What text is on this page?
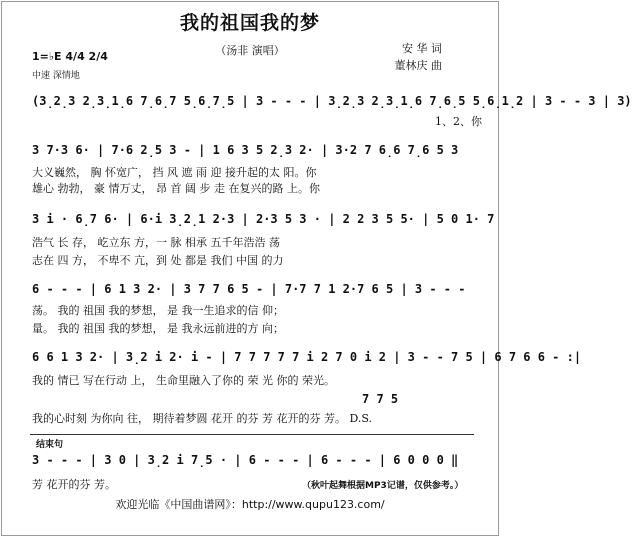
我的祖国我的梦
（汤非 演唱）	安 华 词
董林庆 曲
1=♭E 4/4 2/4
中速 深情地
(3̣2̣3 2̣3̣1̣6 7̣6̣7 5̣6̣7̣5 | 3 - - - | 3̣2̣3 2̣3̣1̣6 7̣6̣5 5̣6̣1̣2 | 3 - - 3 | 3)
1、2、你
3 7·3 6· | 7·6 2̣5 3 - | 1 6 3 5 2̣3 2· | 3·2 7 6̣6 7̣6 5 3
大义巍然， 胸 怀宽广， 挡 风 遮 雨 迎 接升起的太 阳。你
雄心 勃勃， 豪 情万丈， 昂 首 阔 步 走 在复兴的路 上。你
3 i · 6̣7 6· | 6·i 3̣2̣1 2·3 | 2·3 5 3 · | 2 2 3 5 5· | 5 0 1· 7
浩气 长 存， 屹立东 方，一 脉 相承 五千年浩浩 荡
志在 四 方， 不卑不 亢，到 处 都是 我们 中国 的力
6 - - - | 6 1 3 2· | 3 7 7 6 5 - | 7·7 7 1 2·7 6 5 | 3 - - -
荡。 我的 祖国 我的梦想， 是 我一生追求的信 仰；
量。 我的 祖国 我的梦想， 是 我永远前进的方 向；
6 6 1 3 2· | 3̣2 i 2· i - | 7 7 7 7 7 i 2 7 0 i 2 | 3 - - 7 5 | 6 7 6 6 - :|
我的 情已 写在行动 上， 生命里融入了你的 荣 光 你的 荣光。
7 7 5
我的心时刻 为你向 往， 期待着梦圆 花开 的芬 芳 花开的芬 芳。 D.S.
结束句
3 - - - | 3 0 | 3̣2 i 7̣5 · | 6 - - - | 6 - - - | 6 0 0 0 ‖
芳 花开的芬 芳。	（秋叶起舞根据MP3记谱，仅供参考。）
欢迎光临《中国曲谱网》：http://www.qupu123.com/
